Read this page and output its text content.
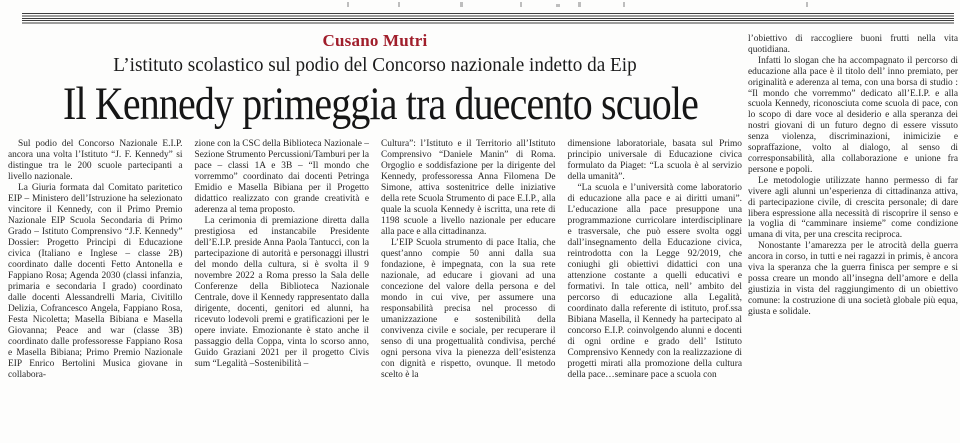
Cusano Mutri
L’istituto scolastico sul podio del Concorso nazionale indetto da Eip
Il Kennedy primeggia tra duecento scuole

Sul podio del Concorso Nazionale E.I.P. ancora una volta l’Istituto “J. F. Kennedy” si distingue tra le 200 scuole partecipanti a livello nazionale.

La Giuria formata dal Comitato paritetico EIP – Ministero dell’Istruzione ha selezionato vincitore il Kennedy, con il Primo Premio Nazionale EIP Scuola Secondaria di Primo Grado – Istituto Comprensivo “J.F. Kennedy” Dossier: Progetto Principi di Educazione civica (Italiano e Inglese – classe 2B) coordinato dalle docenti Fetto Antonella e Fappiano Rosa; Agenda 2030 (classi infanzia, primaria e secondaria I grado) coordinato dalle docenti Alessandrelli Maria, Civitillo Delizia, Cofrancesco Angela, Fappiano Rosa, Festa Nicoletta; Masella Bibiana e Masella Giovanna; Peace and war (classe 3B) coordinato dalle professoresse Fappiano Rosa e Masella Bibiana; Primo Premio Nazionale EIP Enrico Bertolini Musica giovane in collabora-

zione con la CSC della Biblioteca Nazionale – Sezione Strumento Percussioni/Tamburi per la pace – classi 1A e 3B – “Il mondo che vorremmo” coordinato dai docenti Petringa Emidio e Masella Bibiana per il Progetto didattico realizzato con grande creatività e aderenza al tema proposto.

La cerimonia di premiazione diretta dalla prestigiosa ed instancabile Presidente dell’E.I.P. preside Anna Paola Tantucci, con la partecipazione di autorità e personaggi illustri del mondo della cultura, si è svolta il 9 novembre 2022 a Roma presso la Sala delle Conferenze della Biblioteca Nazionale Centrale, dove il Kennedy rappresentato dalla dirigente, docenti, genitori ed alunni, ha ricevuto lodevoli premi e gratificazioni per le opere inviate. Emozionante è stato anche il passaggio della Coppa, vinta lo scorso anno, Guido Graziani 2021 per il progetto Civis sum “Legalità –Sostenibilità –

Cultura”: l’Istituto e il Territorio all’Istituto Comprensivo “Daniele Manin” di Roma. Orgoglio e soddisfazione per la dirigente del Kennedy, professoressa Anna Filomena De Simone, attiva sostenitrice delle iniziative della rete Scuola Strumento di pace E.I.P., alla quale la scuola Kennedy è iscritta, una rete di 1198 scuole a livello nazionale per educare alla pace e alla cittadinanza.

L’EIP Scuola strumento di pace Italia, che quest’anno compie 50 anni dalla sua fondazione, è impegnata, con la sua rete nazionale, ad educare i giovani ad una concezione del valore della persona e del mondo in cui vive, per assumere una responsabilità precisa nel processo di umanizzazione e sostenibilità della convivenza civile e sociale, per recuperare il senso di una progettualità condivisa, perché ogni persona viva la pienezza dell’esistenza con dignità e rispetto, ovunque. Il metodo scelto è la

dimensione laboratoriale, basata sul Primo principio universale di Educazione civica formulato da Piaget: “La scuola è al servizio della umanità”.

“La scuola e l’università come laboratorio di educazione alla pace e ai diritti umani”. L’educazione alla pace presuppone una programmazione curricolare interdisciplinare e trasversale, che può essere svolta oggi dall’insegnamento della Educazione civica, reintrodotta con la Legge 92/2019, che coniughi gli obiettivi didattici con una attenzione costante a quelli educativi e formativi. In tale ottica, nell’ ambito del percorso di educazione alla Legalità, coordinato dalla referente di istituto, prof.ssa Bibiana Masella, il Kennedy ha partecipato al concorso E.I.P. coinvolgendo alunni e docenti di ogni ordine e grado dell’ Istituto Comprensivo Kennedy con la realizzazione di progetti mirati alla promozione della cultura della pace…seminare pace a scuola con

l’obiettivo di raccogliere buoni frutti nella vita quotidiana.

Infatti lo slogan che ha accompagnato il percorso di educazione alla pace è il titolo dell’ inno premiato, per originalità e aderenza al tema, con una borsa di studio : “Il mondo che vorremmo” dedicato all’E.I.P. e alla scuola Kennedy, riconosciuta come scuola di pace, con lo scopo di dare voce al desiderio e alla speranza dei nostri giovani di un futuro degno di essere vissuto senza violenza, discriminazioni, inimicizie e sopraffazione, volto al dialogo, al senso di corresponsabilità, alla collaborazione e unione fra persone e popoli.

Le metodologie utilizzate hanno permesso di far vivere agli alunni un’esperienza di cittadinanza attiva, di partecipazione civile, di crescita personale; di dare libera espressione alla necessità di riscoprire il senso e la voglia di “camminare insieme” come condizione umana di vita, per una crescita reciproca.

Nonostante l’amarezza per le atrocità della guerra ancora in corso, in tutti e nei ragazzi in primis, è ancora viva la speranza che la guerra finisca per sempre e si possa creare un mondo all’insegna dell’amore e della giustizia in vista del raggiungimento di un obiettivo comune: la costruzione di una società globale più equa, giusta e solidale.
